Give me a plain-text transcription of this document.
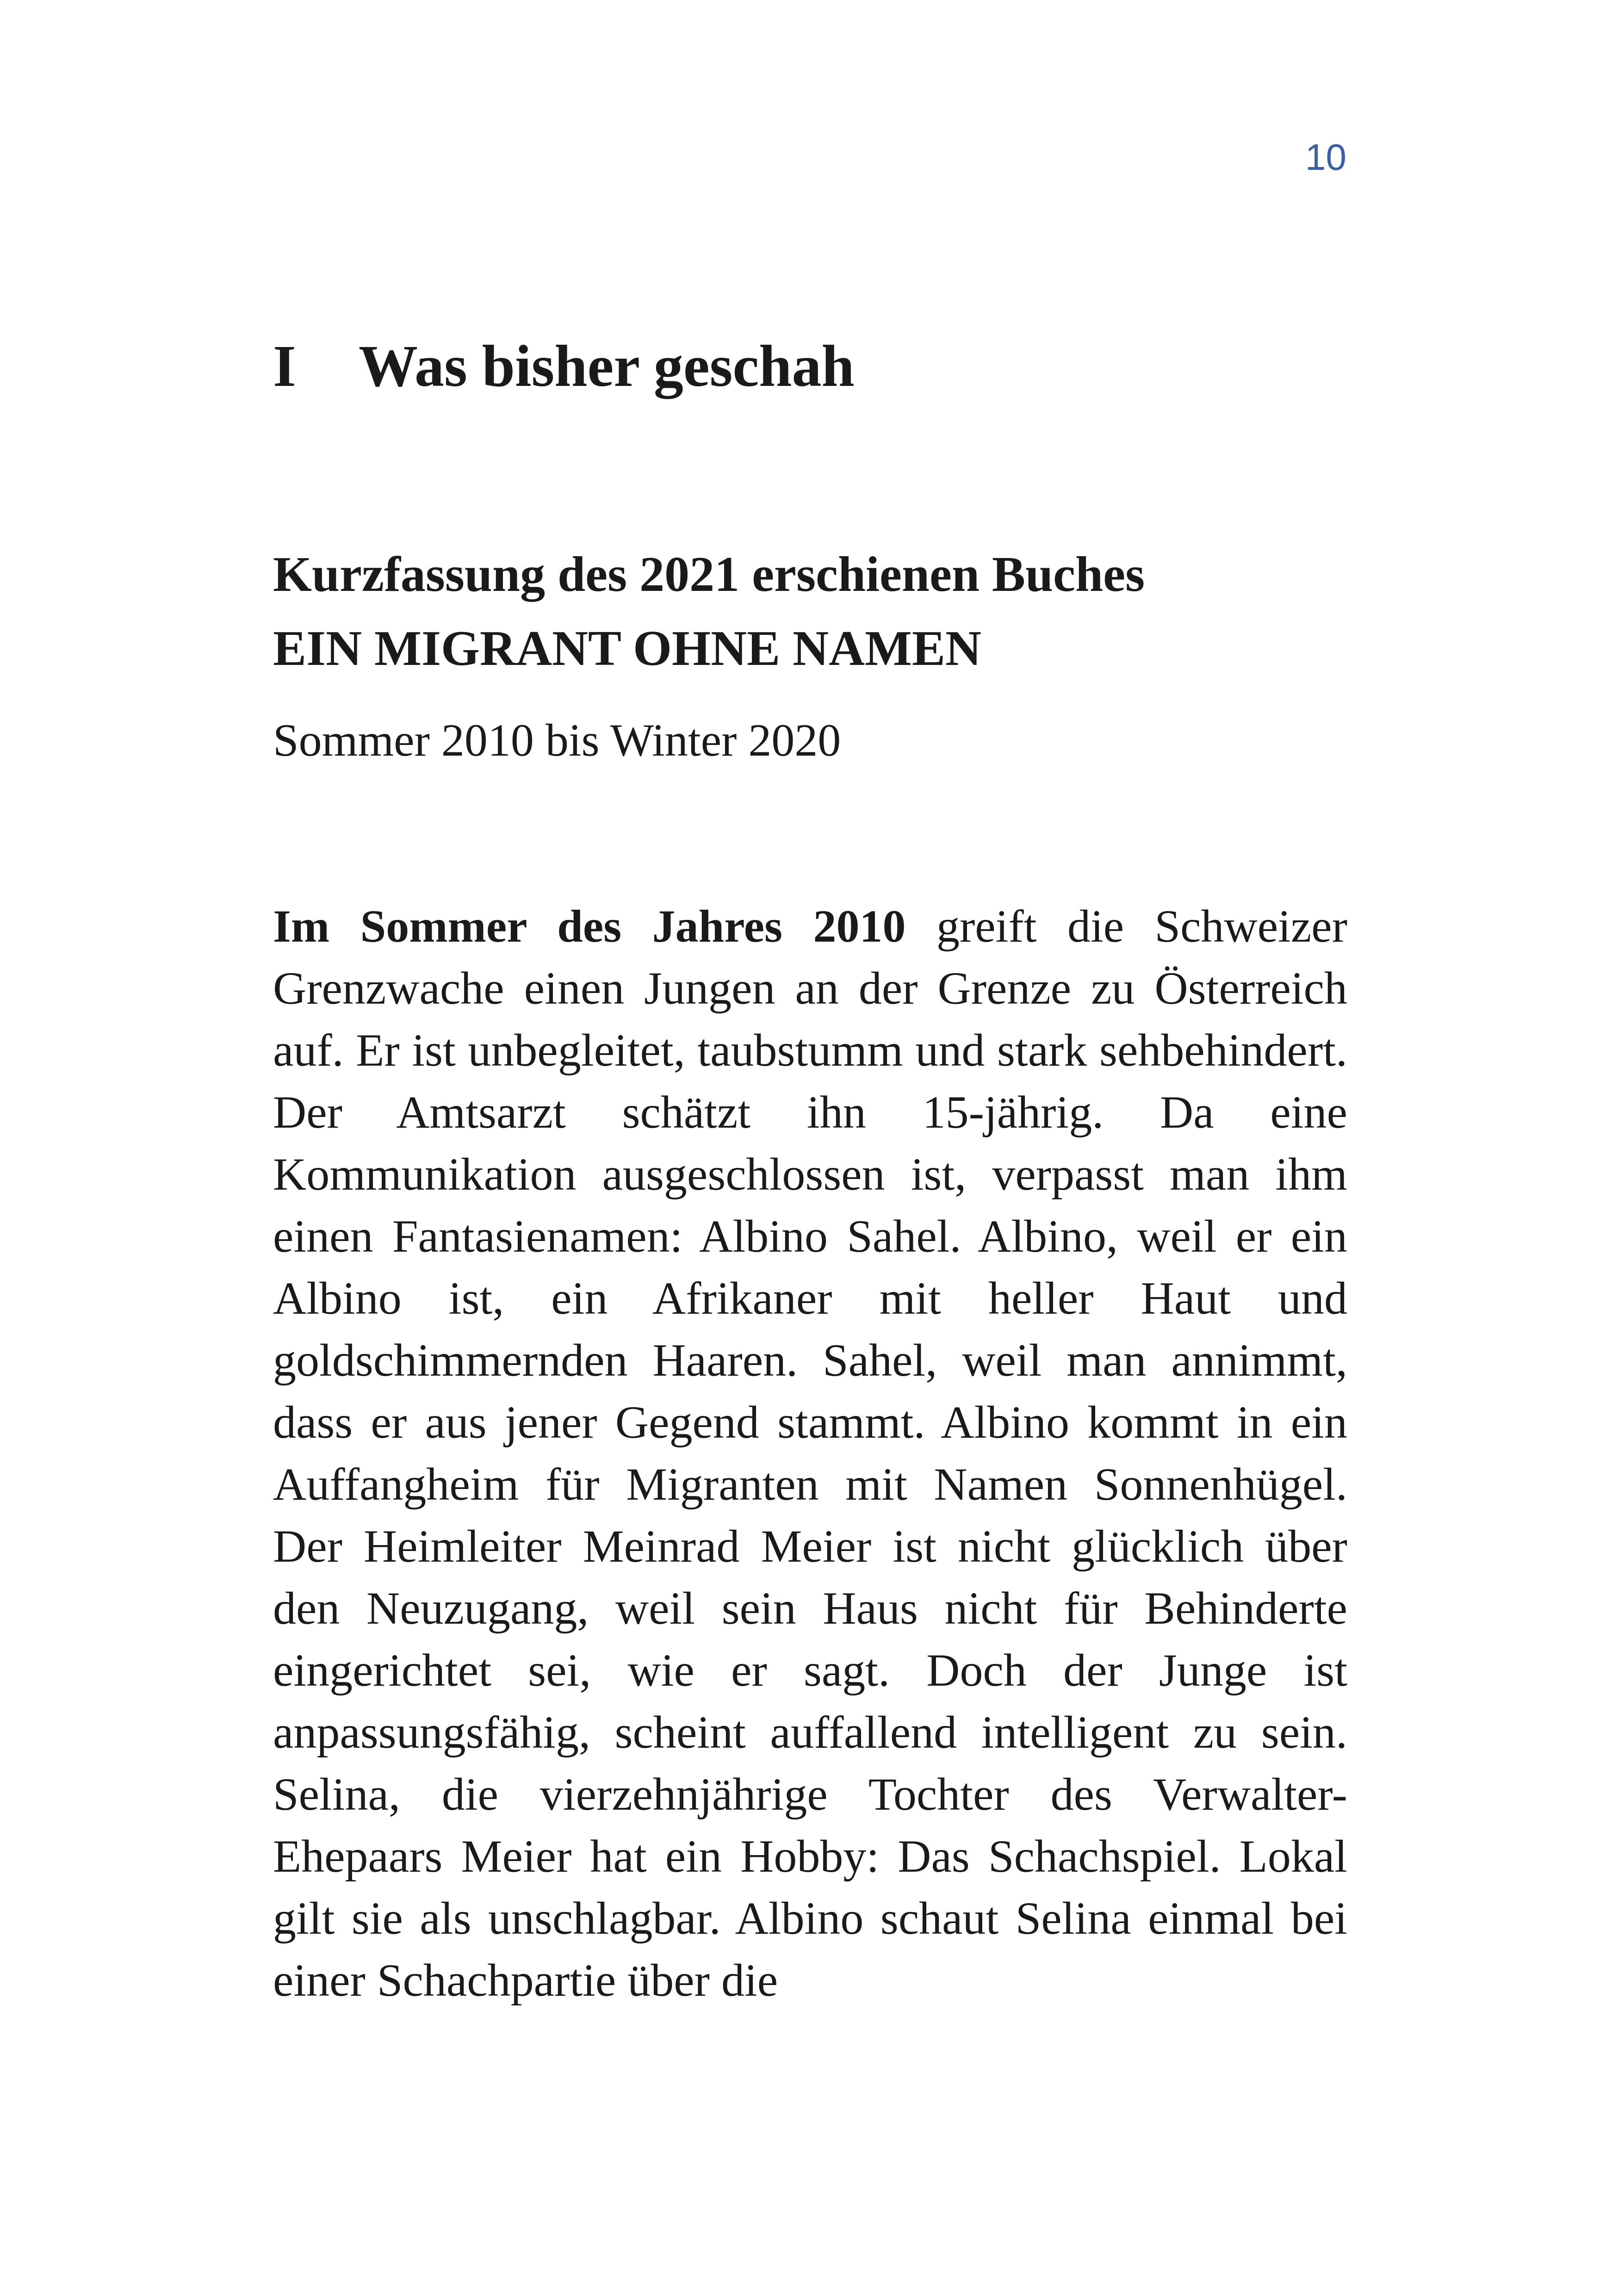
10
I Was bisher geschah
Kurzfassung des 2021 erschienen Buches
EIN MIGRANT OHNE NAMEN

Sommer 2010 bis Winter 2020

Im Sommer des Jahres 2010 greift die Schweizer Grenzwache einen Jungen an der Grenze zu Österreich auf. Er ist unbegleitet, taubstumm und stark sehbehindert. Der Amtsarzt schätzt ihn 15-jährig. Da eine Kommunikation ausgeschlossen ist, verpasst man ihm einen Fantasienamen: Albino Sahel. Albino, weil er ein Albino ist, ein Afrikaner mit heller Haut und goldschimmernden Haaren. Sahel, weil man annimmt, dass er aus jener Gegend stammt. Albino kommt in ein Auffangheim für Migranten mit Namen Sonnenhügel. Der Heimleiter Meinrad Meier ist nicht glücklich über den Neuzugang, weil sein Haus nicht für Behinderte eingerichtet sei, wie er sagt. Doch der Junge ist anpassungsfähig, scheint auffallend intelligent zu sein. Selina, die vierzehnjährige Tochter des Verwalter-Ehepaars Meier hat ein Hobby: Das Schachspiel. Lokal gilt sie als unschlagbar. Albino schaut Selina einmal bei einer Schachpartie über die
